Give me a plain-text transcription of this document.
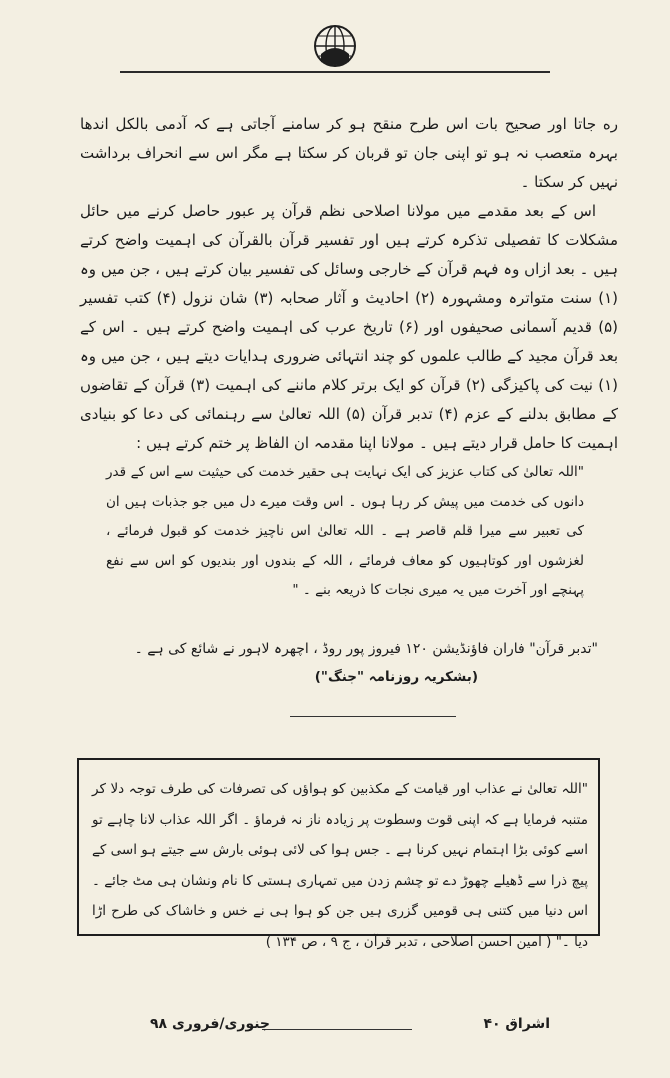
ره جاتا اور صحیح بات اس طرح منقح ہو کر سامنے آجاتی ہے کہ آدمی بالکل اندھا بہرہ متعصب نہ ہو تو اپنی جان تو قربان کر سکتا ہے مگر اس سے انحراف برداشت نہیں کر سکتا ۔

اس کے بعد مقدمے میں مولانا اصلاحی نظم قرآن پر عبور حاصل کرنے میں حائل مشکلات کا تفصیلی تذکرہ کرتے ہیں اور تفسیر قرآن بالقرآن کی اہمیت واضح کرتے ہیں ۔ بعد ازاں وہ فہم قرآن کے خارجی وسائل کی تفسیر بیان کرتے ہیں ، جن میں وہ (۱) سنت متواترہ ومشہورہ (۲) احادیث و آثار صحابہ (۳) شان نزول (۴) کتب تفسیر (۵) قدیم آسمانی صحیفوں اور (۶) تاریخ عرب کی اہمیت واضح کرتے ہیں ۔ اس کے بعد قرآن مجید کے طالب علموں کو چند انتہائی ضروری ہدایات دیتے ہیں ، جن میں وہ (۱) نیت کی پاکیزگی (۲) قرآن کو ایک برتر کلام ماننے کی اہمیت (۳) قرآن کے تقاضوں کے مطابق بدلنے کے عزم (۴) تدبر قرآن (۵) اللہ تعالیٰ سے رہنمائی کی دعا کو بنیادی اہمیت کا حامل قرار دیتے ہیں ۔ مولانا اپنا مقدمہ ان الفاظ پر ختم کرتے ہیں :

"اللہ تعالیٰ کی کتاب عزیز کی ایک نہایت ہی حقیر خدمت کی حیثیت سے اس کے قدر دانوں کی خدمت میں پیش کر رہا ہوں ۔ اس وقت میرے دل میں جو جذبات ہیں ان کی تعبیر سے میرا قلم قاصر ہے ۔ اللہ تعالیٰ اس ناچیز خدمت کو قبول فرمائے ، لغزشوں اور کوتاہیوں کو معاف فرمائے ، اللہ کے بندوں اور بندیوں کو اس سے نفع پہنچے اور آخرت میں یہ میری نجات کا ذریعہ بنے ۔ "

"تدبر قرآن" فاران فاؤنڈیشن ۱۲۰ فیروز پور روڈ ، اچھرہ لاہور نے شائع کی ہے ۔
(بشکریہ روزنامہ "جنگ")

"اللہ تعالیٰ نے عذاب اور قیامت کے مکذبین کو ہواؤں کی تصرفات کی طرف توجہ دلا کر متنبہ فرمایا ہے کہ اپنی قوت وسطوت پر زیادہ ناز نہ فرماؤ ۔ اگر اللہ عذاب لانا چاہے تو اسے کوئی بڑا اہتمام نہیں کرنا ہے ۔ جس ہوا کی لائی ہوئی بارش سے جیتے ہو اسی کے پیچ ذرا سے ڈھیلے چھوڑ دے تو چشم زدن میں تمہاری ہستی کا نام ونشان ہی مٹ جائے ۔ اس دنیا میں کتنی ہی قومیں گزری ہیں جن کو ہوا ہی نے خس و خاشاک کی طرح اڑا دیا ۔" ( امین احسن اصلاحی ، تدبر قرآن ، ج ۹ ، ص ۱۳۴ )

اشراق ۴۰
جنوری/فروری ۹۸
